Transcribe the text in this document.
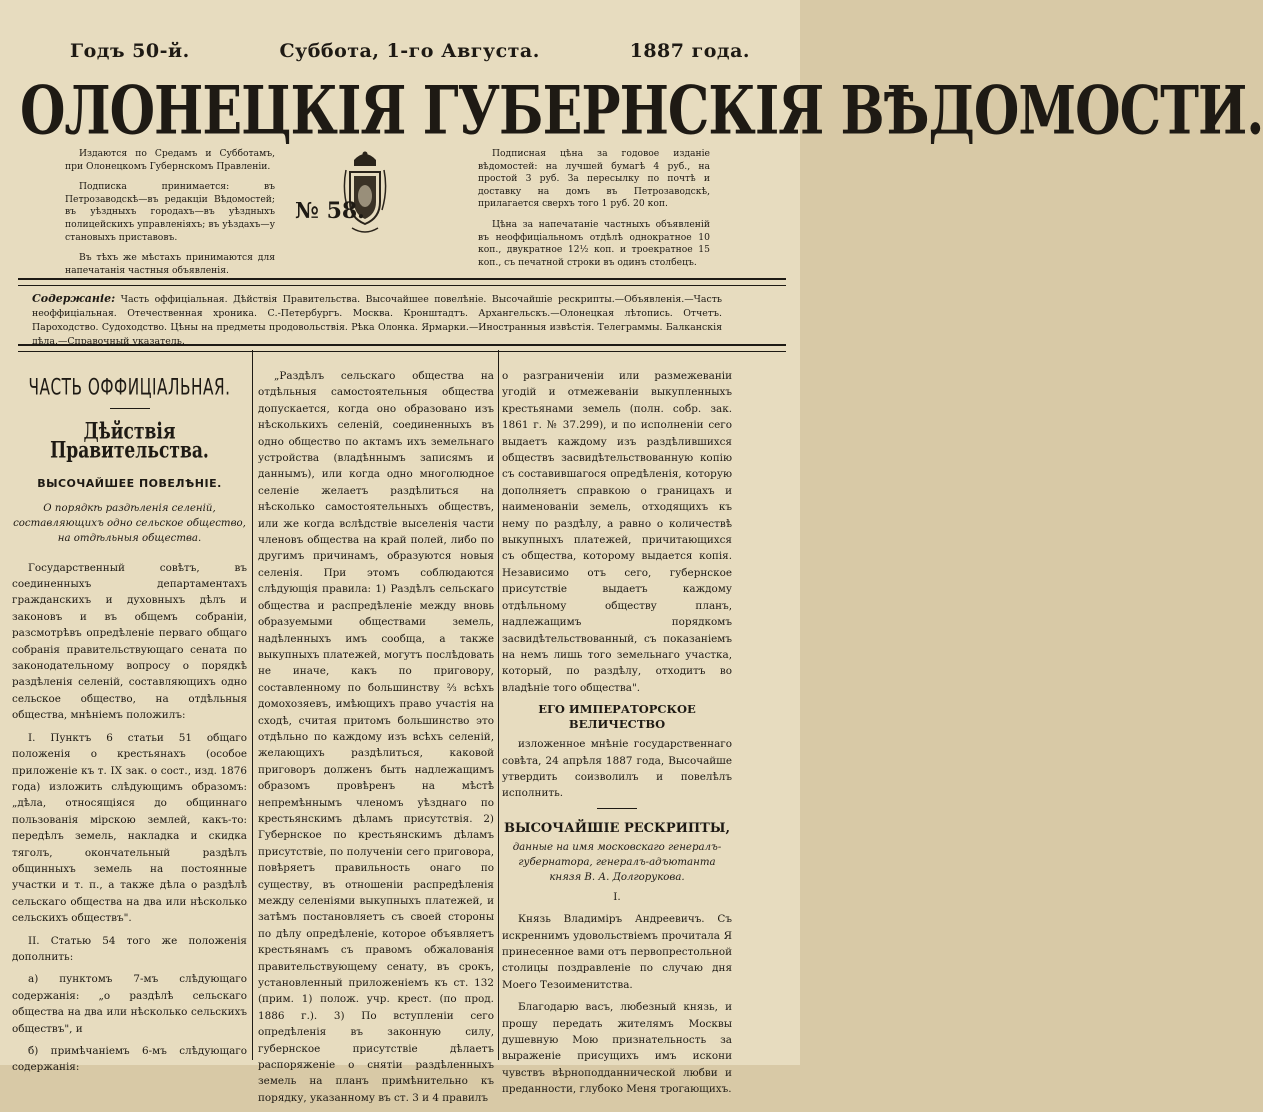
Годъ 50-й.	Суббота, 1-го Августа.	1887 года.
ОЛОНЕЦКІЯ ГУБЕРНСКІЯ ВѢДОМОСТИ.

Издаются по Средамъ и Субботамъ, при Олонецкомъ Губернскомъ Правленіи.

Подписка принимается: въ Петрозаводскѣ—въ редакціи Вѣдомостей; въ уѣздныхъ городахъ—въ уѣздныхъ полицейскихъ управленіяхъ; въ уѣздахъ—у становыхъ приставовъ.

Въ тѣхъ же мѣстахъ принимаются для напечатанія частныя объявленія.

№ 58.

Подписная цѣна за годовое изданіе вѣдомостей: на лучшей бумагѣ 4 руб., на простой 3 руб. За пересылку по почтѣ и доставку на домъ въ Петрозаводскѣ, прилагается сверхъ того 1 руб. 20 коп.

Цѣна за напечатаніе частныхъ объявленій въ неоффиціальномъ отдѣлѣ однократное 10 коп., двукратное 12½ коп. и троекратное 15 коп., съ печатной строки въ одинъ столбецъ.

Содержаніе: Часть оффиціальная. Дѣйствія Правительства. Высочайшее повелѣніе. Высочайшіе рескрипты.—Объявленія.—Часть неоффиціальная. Отечественная хроника. С.-Петербургъ. Москва. Кронштадтъ. Архангельскъ.—Олонецкая лѣтопись. Отчетъ. Пароходство. Судоходство. Цѣны на предметы продовольствія. Рѣка Олонка. Ярмарки.—Иностранныя извѣстія. Телеграммы. Балканскія дѣла.—Справочный указатель.
ЧАСТЬ ОФФИЦІАЛЬНАЯ.
Дѣйствія Правительства.
ВЫСОЧАЙШЕЕ ПОВЕЛѢНІЕ.
О порядкѣ раздѣленія селеній, составляющихъ одно сельское общество, на отдѣльныя общества.

Государственный совѣтъ, въ соединенныхъ департаментахъ гражданскихъ и духовныхъ дѣлъ и законовъ и въ общемъ собраніи, разсмотрѣвъ опредѣленіе перваго общаго собранія правительствующаго сената по законодательному вопросу о порядкѣ раздѣленія селеній, составляющихъ одно сельское общество, на отдѣльныя общества, мнѣніемъ положилъ:

I. Пунктъ 6 статьи 51 общаго положенія о крестьянахъ (особое приложеніе къ т. IX зак. о сост., изд. 1876 года) изложить слѣдующимъ образомъ: „дѣла, относящіяся до общиннаго пользованія мірскою землей, какъ-то: передѣлъ земель, накладка и скидка тяголъ, окончательный раздѣлъ общинныхъ земель на постоянные участки и т. п., а также дѣла о раздѣлѣ сельскаго общества на два или нѣсколько сельскихъ обществъ".

II. Статью 54 того же положенія дополнить:

а) пунктомъ 7-мъ слѣдующаго содержанія: „о раздѣлѣ сельскаго общества на два или нѣсколько сельскихъ обществъ", и

б) примѣчаніемъ 6-мъ слѣдующаго содержанія:

„Раздѣлъ сельскаго общества на отдѣльныя самостоятельныя общества допускается, когда оно образовано изъ нѣсколькихъ селеній, соединенныхъ въ одно общество по актамъ ихъ земельнаго устройства (владѣннымъ записямъ и даннымъ), или когда одно многолюдное селеніе желаетъ раздѣлиться на нѣсколько самостоятельныхъ обществъ, или же когда вслѣдствіе выселенія части членовъ общества на край полей, либо по другимъ причинамъ, образуются новыя селенія. При этомъ соблюдаются слѣдующія правила: 1) Раздѣлъ сельскаго общества и распредѣленіе между вновь образуемыми обществами земель, надѣленныхъ имъ сообща, а также выкупныхъ платежей, могутъ послѣдовать не иначе, какъ по приговору, составленному по большинству ⅔ всѣхъ домохозяевъ, имѣющихъ право участія на сходѣ, считая притомъ большинство это отдѣльно по каждому изъ всѣхъ селеній, желающихъ раздѣлиться, каковой приговоръ долженъ быть надлежащимъ образомъ провѣренъ на мѣстѣ непремѣннымъ членомъ уѣзднаго по крестьянскимъ дѣламъ присутствія. 2) Губернское по крестьянскимъ дѣламъ присутствіе, по полученіи сего приговора, повѣряетъ правильность онаго по существу, въ отношеніи распредѣленія между селеніями выкупныхъ платежей, и затѣмъ постановляетъ съ своей стороны по дѣлу опредѣленіе, которое объявляетъ крестьянамъ съ правомъ обжалованія правительствующему сенату, въ срокъ, установленный приложеніемъ къ ст. 132 (прим. 1) полож. учр. крест. (по прод. 1886 г.). 3) По вступленіи сего опредѣленія въ законную силу, губернское присутствіе дѣлаетъ распоряженіе о снятіи раздѣленныхъ земель на планъ примѣнительно къ порядку, указанному въ ст. 3 и 4 правилъ

о разграниченіи или размежеваніи угодій и отмежеваніи выкупленныхъ крестьянами земель (полн. собр. зак. 1861 г. № 37.299), и по исполненіи сего выдаетъ каждому изъ раздѣлившихся обществъ засвидѣтельствованную копію съ составившагося опредѣленія, которую дополняетъ справкою о границахъ и наименованіи земель, отходящихъ къ нему по раздѣлу, а равно о количествѣ выкупныхъ платежей, причитающихся съ общества, которому выдается копія. Независимо отъ сего, губернское присутствіе выдаетъ каждому отдѣльному обществу планъ, надлежащимъ порядкомъ засвидѣтельствованный, съ показаніемъ на немъ лишь того земельнаго участка, который, по раздѣлу, отходитъ во владѣніе того общества".

ЕГО ИМПЕРАТОРСКОЕ ВЕЛИЧЕСТВО

изложенное мнѣніе государственнаго совѣта, 24 апрѣля 1887 года, Высочайше утвердить соизволилъ и повелѣлъ исполнить.

ВЫСОЧАЙШІЕ РЕСКРИПТЫ,
данные на имя московскаго генералъ-губернатора, генералъ-адъютанта князя В. А. Долгорукова.
I.

Князь Владиміръ Андреевичъ. Съ искреннимъ удовольствіемъ прочитала Я принесенное вами отъ первопрестольной столицы поздравленіе по случаю дня Моего Тезоименитства.

Благодарю васъ, любезный князь, и прошу передать жителямъ Москвы душевную Мою признательность за выраженіе присущихъ имъ искони чувствъ вѣрноподданнической любви и преданности, глубоко Меня трогающихъ.
